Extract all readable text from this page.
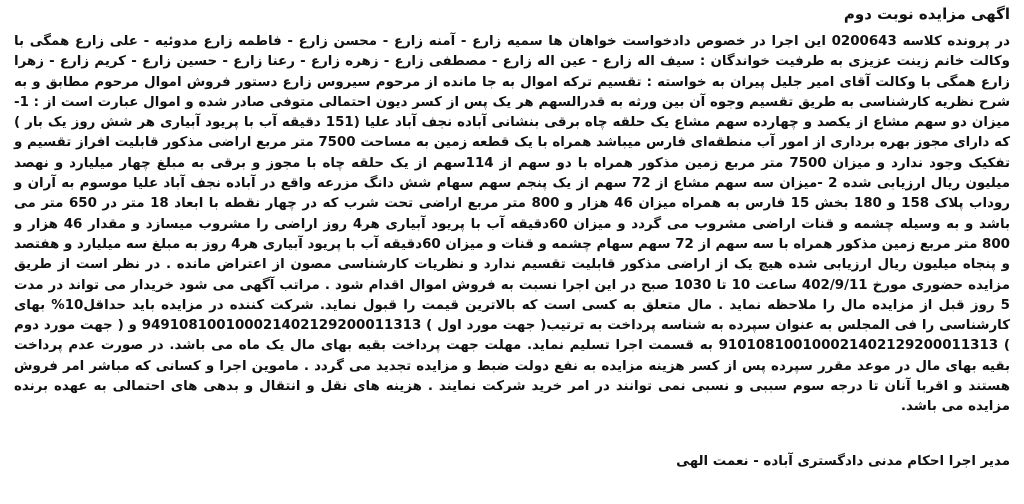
اگهی مزایده نوبت دوم

در پرونده کلاسه 0200643 این اجرا در خصوص دادخواست خواهان ها سمیه زارع - آمنه زارع - محسن زارع - فاطمه زارع مدوئیه - علی زارع همگی با وکالت خانم زینت عزیزی به طرفیت خواندگان : سیف اله زارع - عین اله زارع - مصطفی زارع - زهره زارع - رعنا زارع - حسین زارع - کریم زارع - زهرا زارع همگی با وکالت آقای امیر جلیل پیران به خواسته : تقسیم ترکه اموال به جا مانده از مرحوم سیروس زارع دستور فروش اموال مرحوم مطابق و به شرح نظریه کارشناسی به طریق تقسیم وجوه آن بین ورثه به قدرالسهم هر یک پس از کسر دیون احتمالی متوفی صادر شده و اموال عبارت است از : 1-میزان دو سهم مشاع از یکصد و چهارده سهم مشاع یک حلقه چاه برقی بنشانی آباده نجف آباد علیا (151 دقیقه آب با پریود آبیاری هر شش روز یک بار ) که دارای مجوز بهره برداری از امور آب منطقه‌ای فارس میباشد همراه با یک قطعه زمین به مساحت 7500 متر مربع اراضی مذکور قابلیت افراز تقسیم و تفکیک وجود ندارد و میزان 7500 متر مربع زمین مذکور همراه با دو سهم از 114سهم از یک حلقه چاه با مجوز و برقی به مبلغ چهار میلیارد و نهصد میلیون ریال ارزیابی شده 2 -میزان سه سهم مشاع از 72 سهم از یک پنجم سهم سهام شش دانگ مزرعه واقع در آباده نجف آباد علیا موسوم به آران و روداب پلاک 158 و 180 بخش 15 فارس به همراه میزان 46 هزار و 800 متر مربع اراضی تحت شرب که در چهار نقطه با ابعاد 18 متر در 650 متر می باشد و به وسیله چشمه و قنات اراضی مشروب می گردد و میزان 60دقیقه آب با پریود آبیاری هر4 روز اراضی را مشروب میسازد و مقدار 46 هزار و 800 متر مربع زمین مذکور همراه با سه سهم از 72 سهم سهام چشمه و قنات و میزان 60دقیقه آب با پریود آبیاری هر4 روز به مبلغ سه میلیارد و هفتصد و پنجاه میلیون ریال ارزیابی شده هیچ یک از اراضی مذکور قابلیت تقسیم ندارد و نظریات کارشناسی مصون از اعتراض مانده . در نظر است از طریق مزایده حضوری مورخ 402/9/11 ساعت 10 تا 1030 صبح در این اجرا نسبت به فروش اموال اقدام شود . مراتب آگهی می شود خریدار می تواند در مدت 5 روز قبل از مزایده مال را ملاحظه نماید . مال متعلق به کسی است که بالاترین قیمت را قبول نماید. شرکت کننده در مزایده باید حداقل10% بهای کارشناسی را فی المجلس به عنوان سپرده به شناسه پرداخت به ترتیب( جهت مورد اول ) 949108100100021402129200011313 و ( جهت مورد دوم ) 910108100100021402129200011313 به قسمت اجرا تسلیم نماید. مهلت جهت پرداخت بقیه بهای مال یک ماه می باشد. در صورت عدم پرداخت بقیه بهای مال در موعد مقرر سپرده پس از کسر هزینه مزایده به نفع دولت ضبط و مزایده تجدید می گردد . ماموین اجرا و کسانی که مباشر امر فروش هستند و اقربا آنان تا درجه سوم سببی و نسبی نمی توانند در امر خرید شرکت نمایند . هزینه های نقل و انتقال و بدهی های احتمالی به عهده برنده مزایده می باشد.

مدیر اجرا احکام مدنی دادگستری آباده - نعمت الهی
